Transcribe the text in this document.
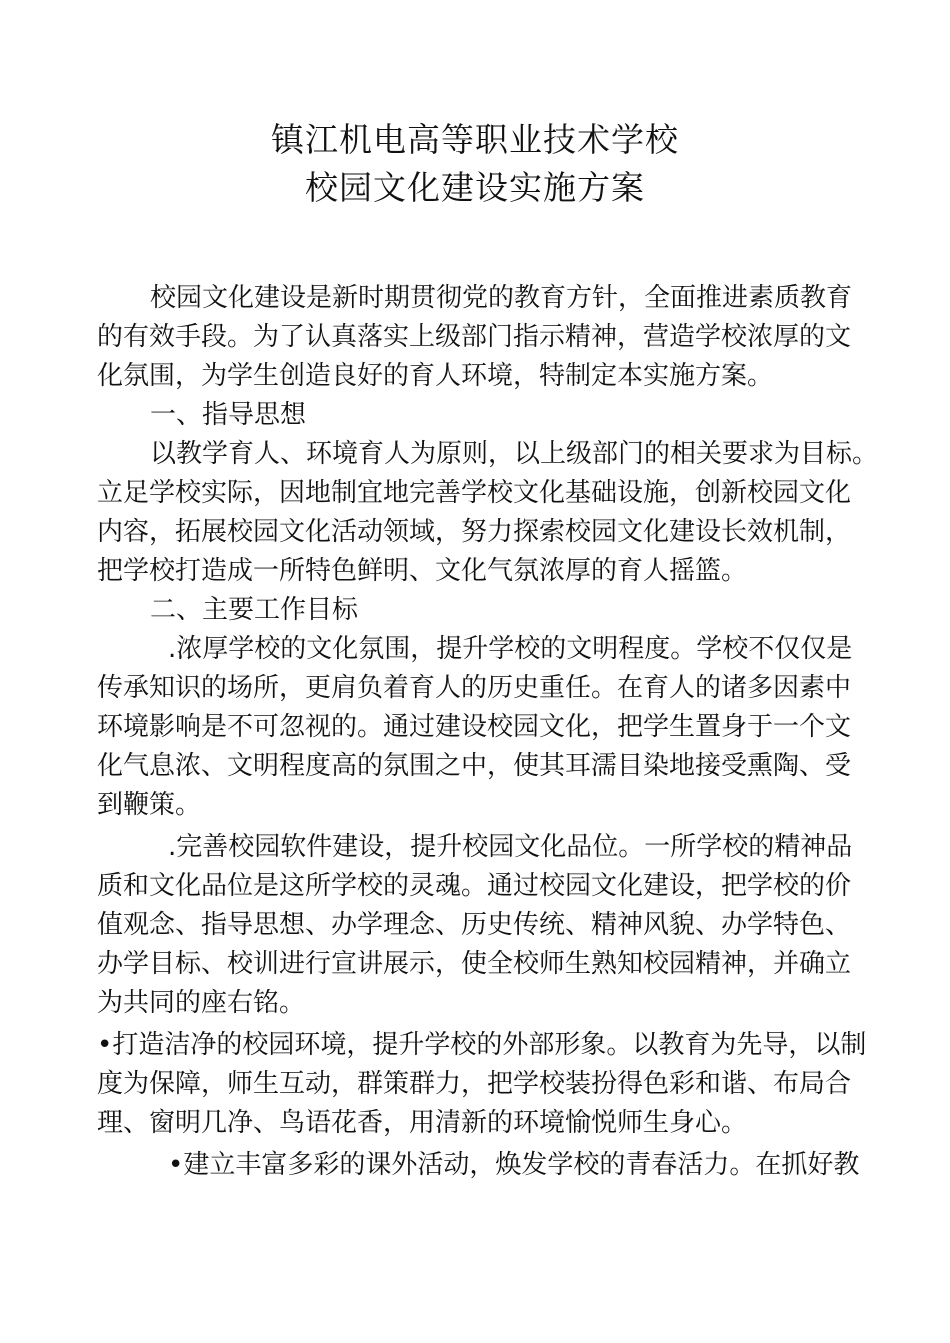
镇江机电高等职业技术学校
校园文化建设实施方案
校园文化建设是新时期贯彻党的教育方针，全面推进素质教育
的有效手段。为了认真落实上级部门指示精神，营造学校浓厚的文
化氛围，为学生创造良好的育人环境，特制定本实施方案。
一、指导思想
以教学育人、环境育人为原则，以上级部门的相关要求为目标。
立足学校实际，因地制宜地完善学校文化基础设施，创新校园文化
内容，拓展校园文化活动领域，努力探索校园文化建设长效机制，
把学校打造成一所特色鲜明、文化气氛浓厚的育人摇篮。
二、主要工作目标
.浓厚学校的文化氛围，提升学校的文明程度。学校不仅仅是
传承知识的场所，更肩负着育人的历史重任。在育人的诸多因素中
环境影响是不可忽视的。通过建设校园文化，把学生置身于一个文
化气息浓、文明程度高的氛围之中，使其耳濡目染地接受熏陶、受
到鞭策。
.完善校园软件建设，提升校园文化品位。一所学校的精神品
质和文化品位是这所学校的灵魂。通过校园文化建设，把学校的价
值观念、指导思想、办学理念、历史传统、精神风貌、办学特色、
办学目标、校训进行宣讲展示，使全校师生熟知校园精神，并确立
为共同的座右铭。
•打造洁净的校园环境，提升学校的外部形象。以教育为先导，以制
度为保障，师生互动，群策群力，把学校装扮得色彩和谐、布局合
理、窗明几净、鸟语花香，用清新的环境愉悦师生身心。
•建立丰富多彩的课外活动，焕发学校的青春活力。在抓好教
